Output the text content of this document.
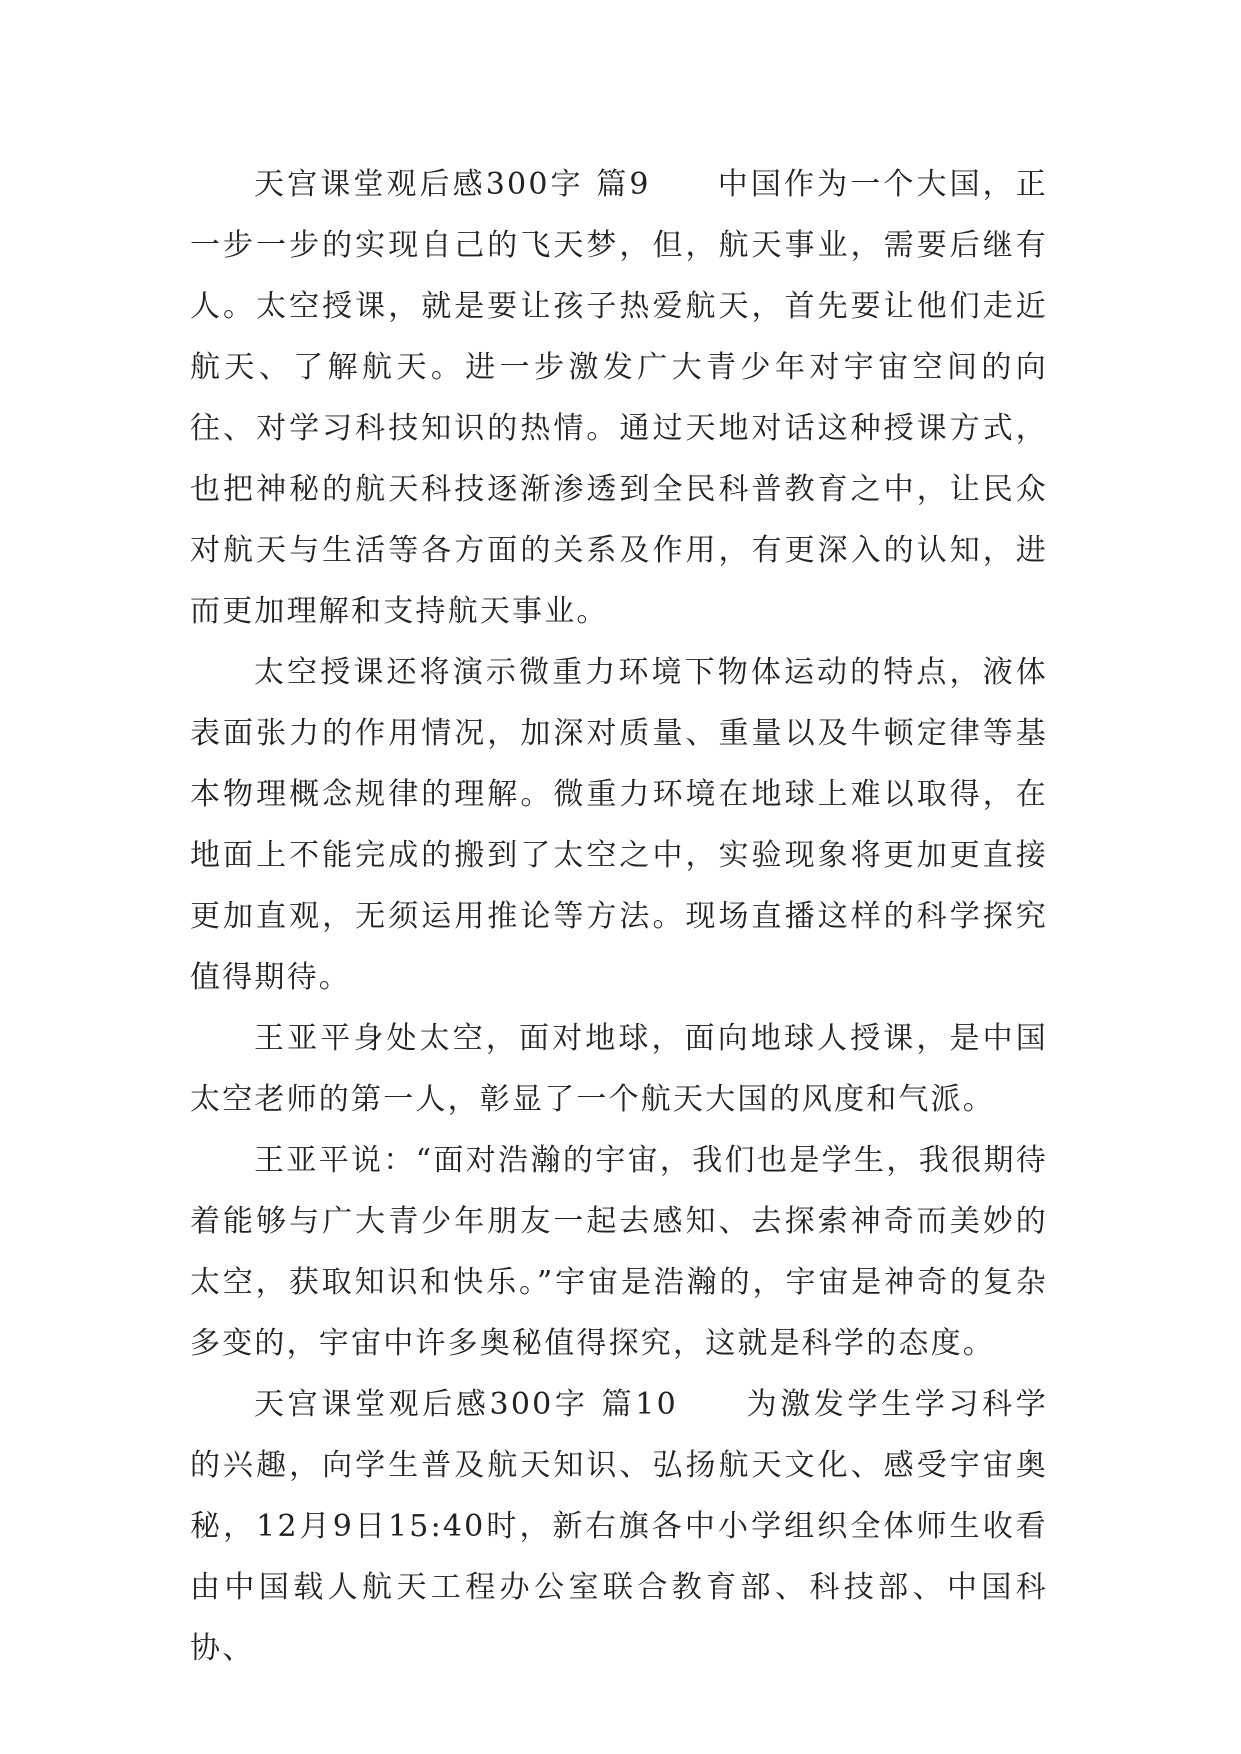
天宫课堂观后感300字 篇9　　中国作为一个大国，正一步一步的实现自己的飞天梦，但，航天事业，需要后继有人。太空授课，就是要让孩子热爱航天，首先要让他们走近航天、了解航天。进一步激发广大青少年对宇宙空间的向往、对学习科技知识的热情。通过天地对话这种授课方式，也把神秘的航天科技逐渐渗透到全民科普教育之中，让民众对航天与生活等各方面的关系及作用，有更深入的认知，进而更加理解和支持航天事业。

太空授课还将演示微重力环境下物体运动的特点，液体表面张力的作用情况，加深对质量、重量以及牛顿定律等基本物理概念规律的理解。微重力环境在地球上难以取得，在地面上不能完成的搬到了太空之中，实验现象将更加更直接更加直观，无须运用推论等方法。现场直播这样的科学探究值得期待。

王亚平身处太空，面对地球，面向地球人授课，是中国太空老师的第一人，彰显了一个航天大国的风度和气派。

王亚平说：“面对浩瀚的宇宙，我们也是学生，我很期待着能够与广大青少年朋友一起去感知、去探索神奇而美妙的太空，获取知识和快乐。”宇宙是浩瀚的，宇宙是神奇的复杂多变的，宇宙中许多奥秘值得探究，这就是科学的态度。

天宫课堂观后感300字 篇10　　为激发学生学习科学的兴趣，向学生普及航天知识、弘扬航天文化、感受宇宙奥秘，12月9日15:40时，新右旗各中小学组织全体师生收看由中国载人航天工程办公室联合教育部、科技部、中国科协、
